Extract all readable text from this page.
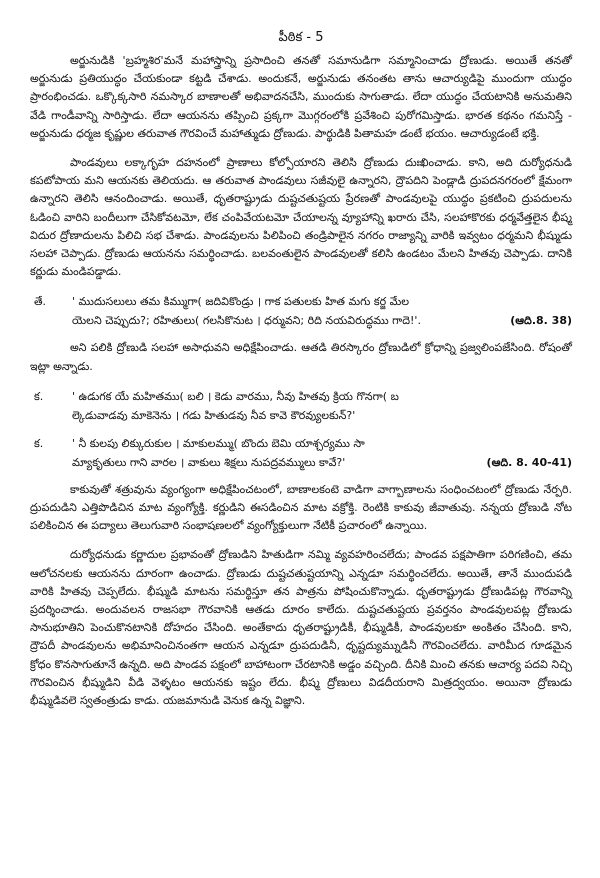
పీఠిక - 5

అర్జునుడికి 'బ్రహ్మశిర'మనే మహాస్త్రాన్ని ప్రసాదించి తనతో సమానుడిగా సమ్మానించాడు ద్రోణుడు. అయితే తనతో అర్జునుడు ప్రతియుద్ధం చేయకుండా కట్టడి చేశాడు. అందుకనే, అర్జునుడు తనంతట తాను ఆచార్యుడిపై ముందుగా యుద్ధం ప్రారంభించడు. ఒక్కొక్కసారి నమస్కార బాణాలతో అభివాదనచేసి, ముందుకు సాగుతాడు. లేదా యుద్ధం చేయటానికి అనుమతిని వేడి గాండీవాన్ని సారిస్తాడు. లేదా ఆయనను తప్పించి ప్రక్కగా మొగ్గరంలోకి ప్రవేశించి పురోగమిస్తాడు. భారత కథనం గమనిస్తే - అర్జునుడు ధర్మజ కృష్ణుల తరువాత గౌరవించే మహాత్ముడు ద్రోణుడు. పార్థుడికి పితామహ డంటే భయం. ఆచార్యుడంటే భక్తి.

పాండవులు లక్కాగృహ దహనంలో ప్రాణాలు కోల్పోయారని తెలిసి ద్రోణుడు దుఃఖించాడు. కాని, అది దుర్యోధనుడి కపటోపాయ మని ఆయనకు తెలియదు. ఆ తరువాత పాండవులు సజీవులై ఉన్నారని, ద్రౌపదిని పెండ్లాడి ద్రుపదనగరంలో క్షేమంగా ఉన్నారని తెలిసి ఆనందించాడు. అయితే, ధృతరాష్ట్రుడు దుష్టచతుష్టయ ప్రేరణతో పాండవులపై యుద్ధం ప్రకటించి ద్రుపదులను ఓడించి వారిని బందీలుగా చేసికోవటమో, లేక చంపివేయటమో చేయాలన్న వ్యూహాన్ని ఖరారు చేసి, సలహాకొరకు ధర్మవేత్తలైన భీష్మ విదుర ద్రోణాదులను పిలిచి సభ చేశాడు. పాండవులను పిలిపించి తండ్రిపాలైన నగరం రాజ్యాన్ని వారికి ఇవ్వటం ధర్మమని భీష్ముడు సలహా చెప్పాడు. ద్రోణుడు ఆయనను సమర్థించాడు. బలవంతులైన పాండవులతో కలిసి ఉండటం మేలని హితవు చెప్పాడు. దానికి కర్ణుడు మండిపడ్డాడు.

తే.	' ముదుసలులు తమ కిమ్ముగా( జదివికొండ్రు । గాక పతులకు హిత మగు కర్జ మేల
యెలని చెప్పుదు?; రహితులు( గలసికొనుట । ధర్మువని; రిది నయవిరుద్ధము గాదె!'.	(ఆది.8. 38)

అని పలికి ద్రోణుడి సలహా అసాధువని అధిక్షేపించాడు. ఆతడి తిరస్కారం ద్రోణుడిలో క్రోధాన్ని ప్రజ్వలింపజేసింది. రోషంతో ఇట్లా అన్నాడు.

క.	' ఉడుగక యే మహితము( బలి । కెడు వారము, నీవు హితవు క్రియ గొనగా( బ
ల్కెడువాడవు మాకెనెను । గడు హితుడవు నీవ కావె కౌరవ్యులకున్?'
క.	' నీ కులపు లిక్కురుకుల । మాకులమ్ము( బొందు బెమి యాశ్చర్యము సా
మ్యాకృతులు గాని వారల । వాకులు శిక్షలు నుపద్రవమ్ములు కావే?'	(ఆది. 8. 40-41)

కాకువుతో శత్రువును వ్యంగ్యంగా అధిక్షేపించటంలో, బాణాలకంటె వాడిగా వాగ్బాణాలను సంధించటంలో ద్రోణుడు నేర్పరి. ద్రుపదుడిని ఎత్తిపొడిచిన మాట వ్యంగ్యోక్తి. కర్ణుడిని ఈసడించిన మాట వక్రోక్తి. రెంటికి కాకువు జీవాతువు. నన్నయ ద్రోణుడి నోట పలికించిన ఈ పద్యాలు తెలుగువారి సంభాషణలలో వ్యంగ్యోక్తులుగా నేటికీ ప్రచారంలో ఉన్నాయి.

దుర్యోధనుడు కర్ణాదుల ప్రభావంతో ద్రోణుడిని హితుడిగా నమ్మి వ్యవహరించలేదు; పాండవ పక్షపాతిగా పరిగణించి, తమ ఆలోచనలకు ఆయనను దూరంగా ఉంచాడు. ద్రోణుడు దుష్టచతుష్టయాన్ని ఎన్నడూ సమర్థించలేదు. అయితే, తానే ముందుపడి వారికి హితవు చెప్పలేదు. భీష్ముడి మాటను సమర్థిస్తూ తన పాత్రను పోషించుకొన్నాడు. ధృతరాష్ట్రుడు ద్రోణుడిపట్ల గౌరవాన్ని ప్రదర్శించాడు. అందువలన రాజసభా గౌరవానికి ఆతడు దూరం కాలేదు. దుష్టచతుష్టయ ప్రవర్తనం పాండవులపట్ల ద్రోణుడు సానుభూతిని పెంచుకొనటానికి దోహదం చేసింది. అంతేకాదు ధృతరాష్ట్రుడికీ, భీష్ముడికీ, పాండవులకూ అంకితం చేసింది. కాని, ద్రౌపదీ పాండవులను అభిమానించినంతగా ఆయన ఎన్నడూ ద్రుపదుడినీ, ధృష్టద్యుమ్నుడినీ గౌరవించలేదు. వారిమీద గూడమైన క్రోధం కొనసాగుతూనే ఉన్నది. అది పాండవ పక్షంలో బాహాటంగా చేరటానికి అడ్డం వచ్చింది. దీనికి మించి తనకు ఆచార్య పదవి నిచ్చి గౌరవించిన భీష్ముడిని వీడి వెళ్ళటం ఆయనకు ఇష్టం లేదు. భీష్మ ద్రోణులు విడదీయరాని మిత్రద్వయం. అయినా ద్రోణుడు భీష్ముడివలె స్వతంత్రుడు కాడు. యజమానుడి వెనుక ఉన్న విజ్ఞాని.
